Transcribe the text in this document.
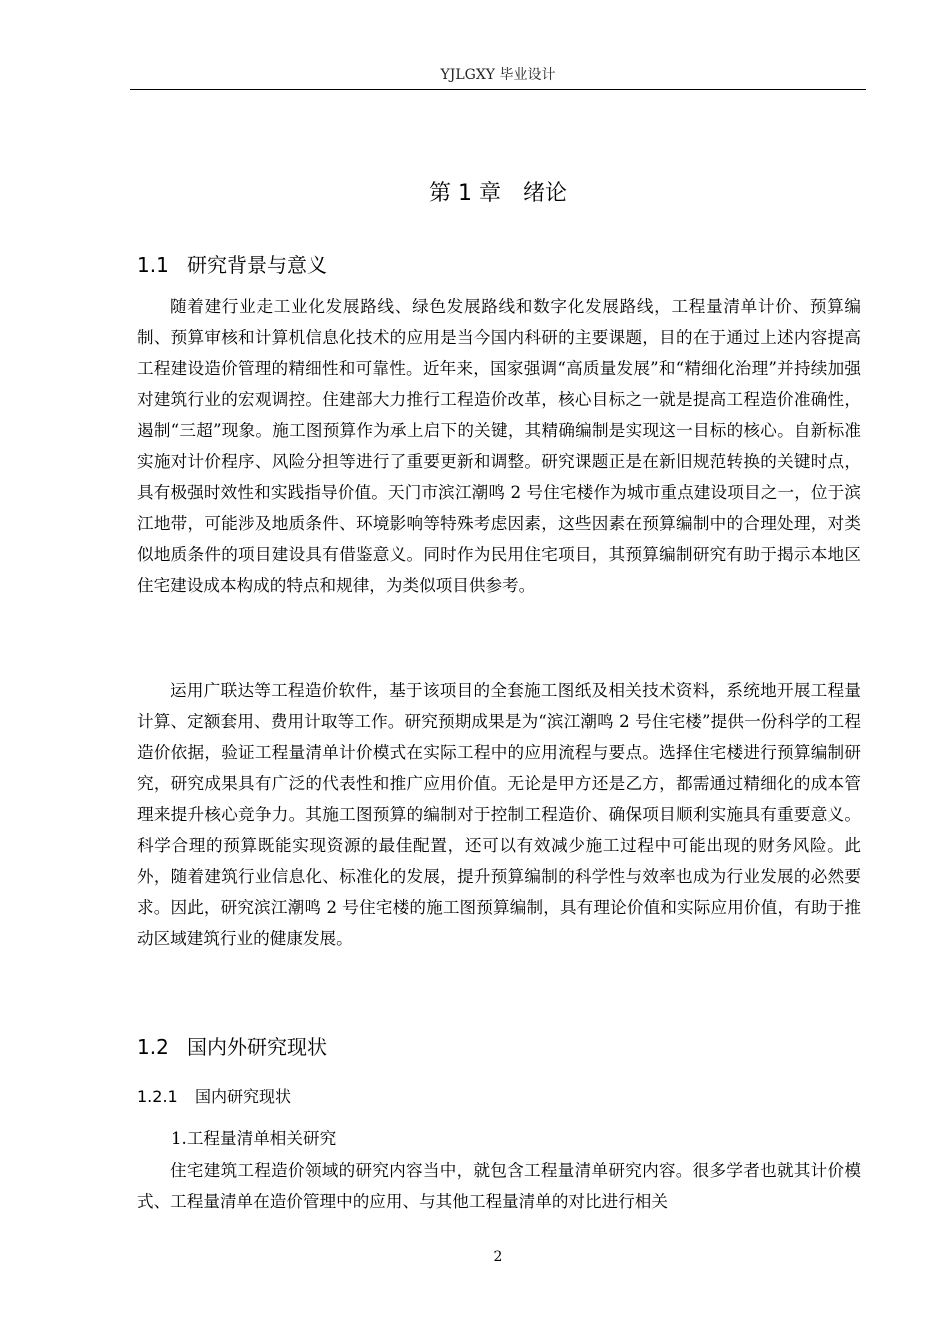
YJLGXY 毕业设计
第 1 章 绪论
1.1 研究背景与意义

随着建行业走工业化发展路线、绿色发展路线和数字化发展路线，工程量清单计价、预算编制、预算审核和计算机信息化技术的应用是当今国内科研的主要课题，目的在于通过上述内容提高工程建设造价管理的精细性和可靠性。近年来，国家强调“高质量发展”和“精细化治理”并持续加强对建筑行业的宏观调控。住建部大力推行工程造价改革，核心目标之一就是提高工程造价准确性，遏制“三超”现象。施工图预算作为承上启下的关键，其精确编制是实现这一目标的核心。自新标准实施对计价程序、风险分担等进行了重要更新和调整。研究课题正是在新旧规范转换的关键时点，具有极强时效性和实践指导价值。天门市滨江潮鸣 2 号住宅楼作为城市重点建设项目之一，位于滨江地带，可能涉及地质条件、环境影响等特殊考虑因素，这些因素在预算编制中的合理处理，对类似地质条件的项目建设具有借鉴意义。同时作为民用住宅项目，其预算编制研究有助于揭示本地区住宅建设成本构成的特点和规律，为类似项目供参考。

运用广联达等工程造价软件，基于该项目的全套施工图纸及相关技术资料，系统地开展工程量计算、定额套用、费用计取等工作。研究预期成果是为“滨江潮鸣 2 号住宅楼”提供一份科学的工程造价依据，验证工程量清单计价模式在实际工程中的应用流程与要点。选择住宅楼进行预算编制研究，研究成果具有广泛的代表性和推广应用价值。无论是甲方还是乙方，都需通过精细化的成本管理来提升核心竞争力。其施工图预算的编制对于控制工程造价、确保项目顺利实施具有重要意义。科学合理的预算既能实现资源的最佳配置，还可以有效减少施工过程中可能出现的财务风险。此外，随着建筑行业信息化、标准化的发展，提升预算编制的科学性与效率也成为行业发展的必然要求。因此，研究滨江潮鸣 2 号住宅楼的施工图预算编制，具有理论价值和实际应用价值，有助于推动区域建筑行业的健康发展。

1.2 国内外研究现状
1.2.1 国内研究现状
1.工程量清单相关研究

住宅建筑工程造价领域的研究内容当中，就包含工程量清单研究内容。很多学者也就其计价模式、工程量清单在造价管理中的应用、与其他工程量清单的对比进行相关

2
